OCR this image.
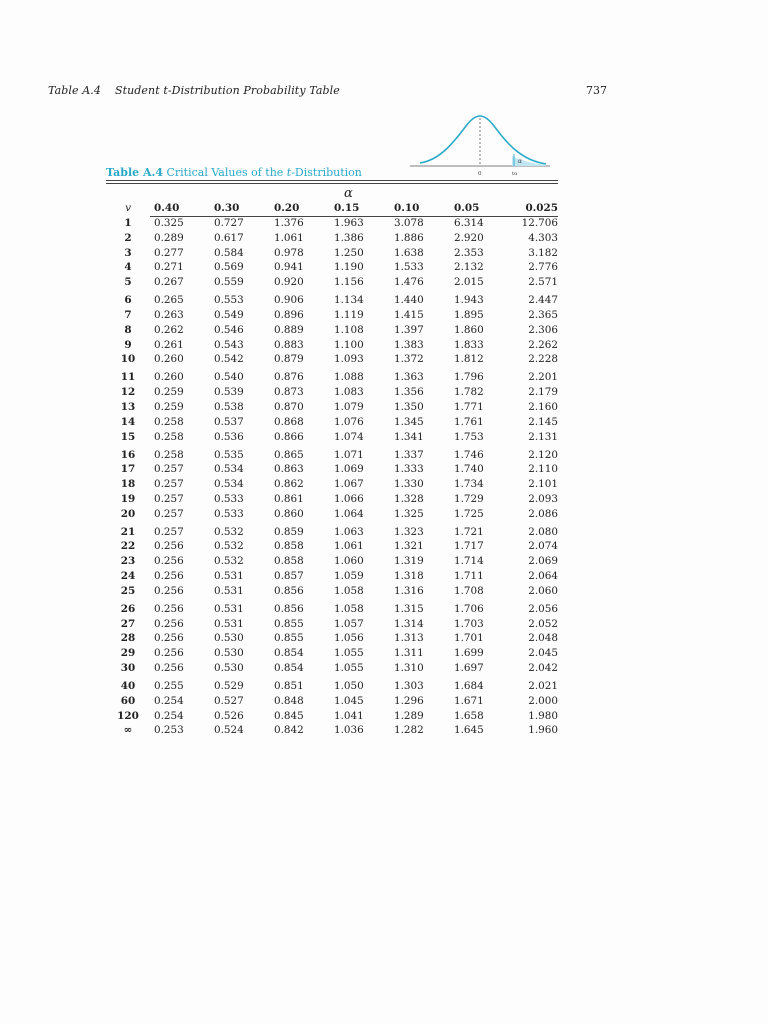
Table A.4 Student t-Distribution Probability Table	737
α
0	tα
Table A.4 Critical Values of the t-Distribution
α
v	0.40	0.30	0.20	0.15	0.10	0.05	0.025
1	0.325	0.727	1.376	1.963	3.078	6.314	12.706
2	0.289	0.617	1.061	1.386	1.886	2.920	4.303
3	0.277	0.584	0.978	1.250	1.638	2.353	3.182
4	0.271	0.569	0.941	1.190	1.533	2.132	2.776
5	0.267	0.559	0.920	1.156	1.476	2.015	2.571
6	0.265	0.553	0.906	1.134	1.440	1.943	2.447
7	0.263	0.549	0.896	1.119	1.415	1.895	2.365
8	0.262	0.546	0.889	1.108	1.397	1.860	2.306
9	0.261	0.543	0.883	1.100	1.383	1.833	2.262
10	0.260	0.542	0.879	1.093	1.372	1.812	2.228
11	0.260	0.540	0.876	1.088	1.363	1.796	2.201
12	0.259	0.539	0.873	1.083	1.356	1.782	2.179
13	0.259	0.538	0.870	1.079	1.350	1.771	2.160
14	0.258	0.537	0.868	1.076	1.345	1.761	2.145
15	0.258	0.536	0.866	1.074	1.341	1.753	2.131
16	0.258	0.535	0.865	1.071	1.337	1.746	2.120
17	0.257	0.534	0.863	1.069	1.333	1.740	2.110
18	0.257	0.534	0.862	1.067	1.330	1.734	2.101
19	0.257	0.533	0.861	1.066	1.328	1.729	2.093
20	0.257	0.533	0.860	1.064	1.325	1.725	2.086
21	0.257	0.532	0.859	1.063	1.323	1.721	2.080
22	0.256	0.532	0.858	1.061	1.321	1.717	2.074
23	0.256	0.532	0.858	1.060	1.319	1.714	2.069
24	0.256	0.531	0.857	1.059	1.318	1.711	2.064
25	0.256	0.531	0.856	1.058	1.316	1.708	2.060
26	0.256	0.531	0.856	1.058	1.315	1.706	2.056
27	0.256	0.531	0.855	1.057	1.314	1.703	2.052
28	0.256	0.530	0.855	1.056	1.313	1.701	2.048
29	0.256	0.530	0.854	1.055	1.311	1.699	2.045
30	0.256	0.530	0.854	1.055	1.310	1.697	2.042
40	0.255	0.529	0.851	1.050	1.303	1.684	2.021
60	0.254	0.527	0.848	1.045	1.296	1.671	2.000
120	0.254	0.526	0.845	1.041	1.289	1.658	1.980
∞	0.253	0.524	0.842	1.036	1.282	1.645	1.960
